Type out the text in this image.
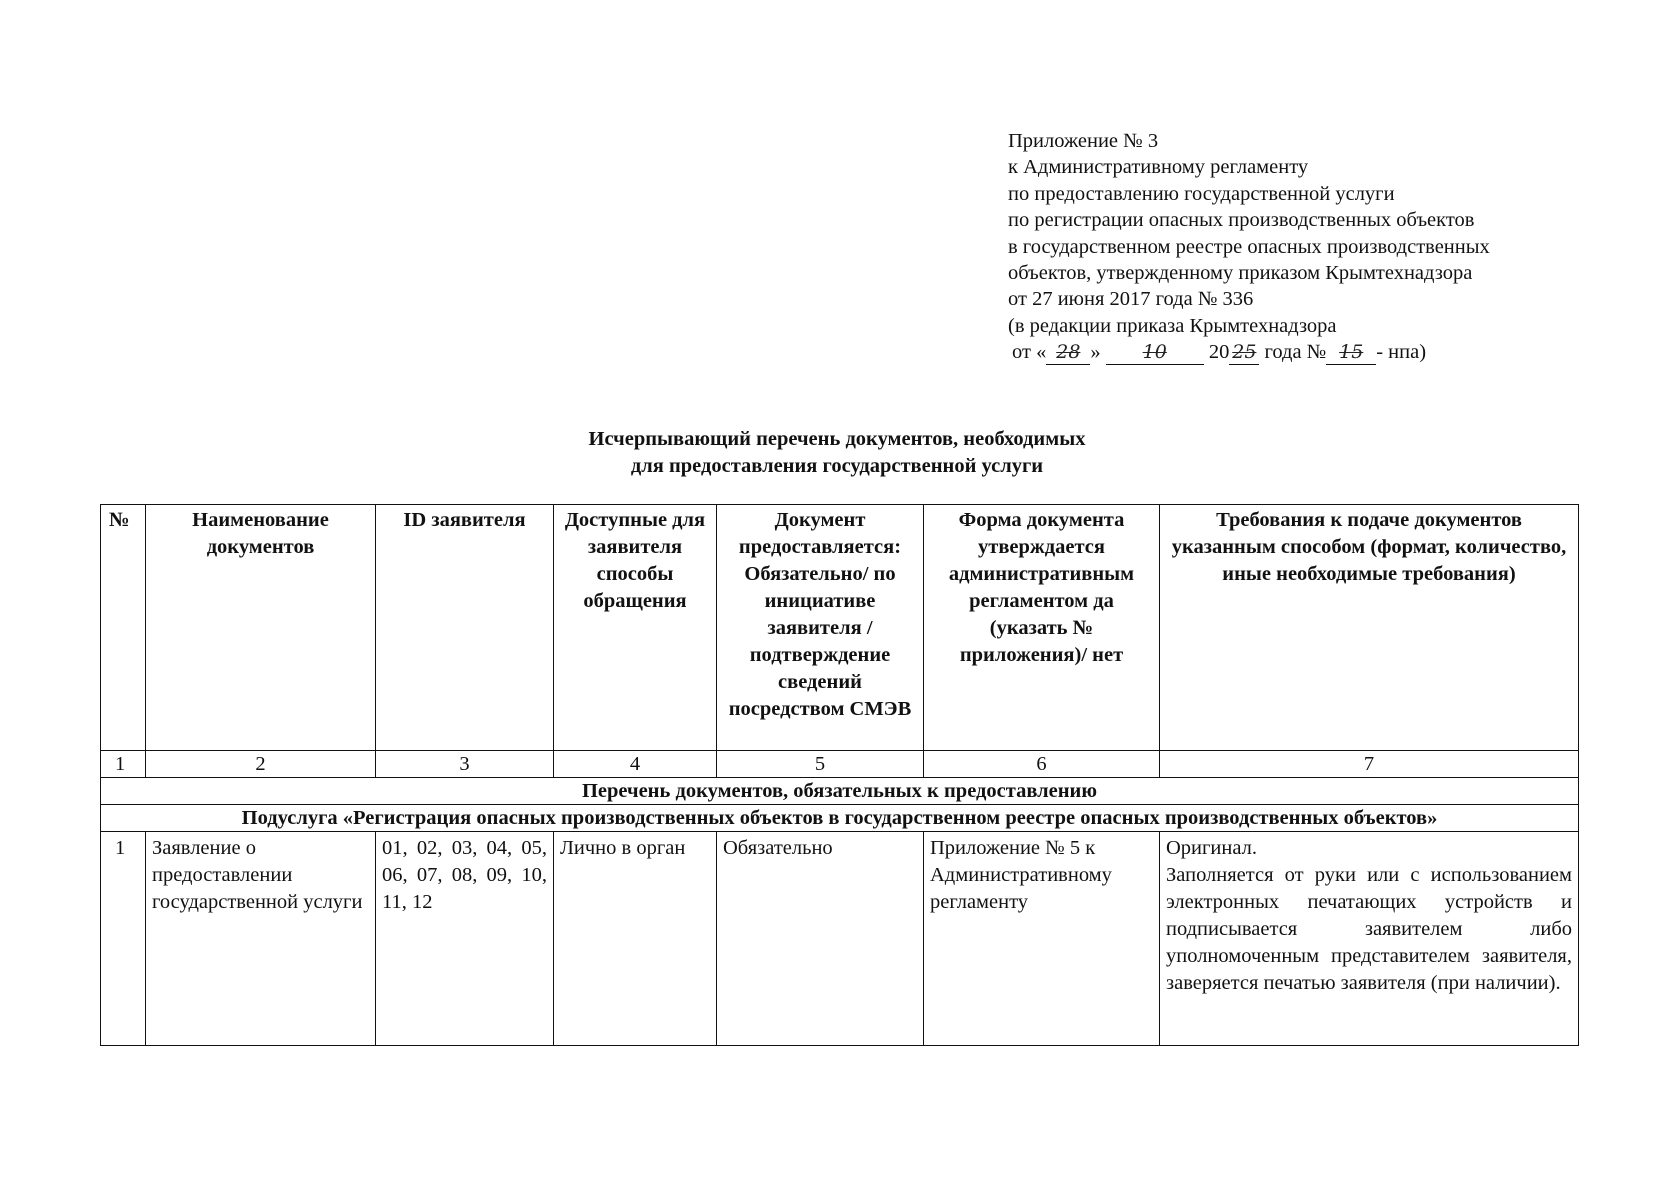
Приложение № 3
к Административному регламенту
по предоставлению государственной услуги
по регистрации опасных производственных объектов
в государственном реестре опасных производственных
объектов, утвержденному приказом Крымтехнадзора
от 27 июня 2017 года № 336
(в редакции приказа Крымтехнадзора
от « 28 » 10 20 25 года № 15 - нпа)
Исчерпывающий перечень документов, необходимых
для предоставления государственной услуги
№	Наименование документов	ID заявителя	Доступные для заявителя способы обращения	Документ предоставляется: Обязательно/ по инициативе заявителя /подтверждение сведений посредством СМЭВ	Форма документа утверждается административным регламентом да (указать № приложения)/ нет	Требования к подаче документов указанным способом (формат, количество, иные необходимые требования)
1	2	3	4	5	6	7
Перечень документов, обязательных к предоставлению						
Подуслуга «Регистрация опасных производственных объектов в государственном реестре опасных производственных объектов»						
1	Заявление о предоставлении государственной услуги	01, 02, 03, 04, 05, 06, 07, 08, 09, 10, 11, 12	Лично в орган	Обязательно	Приложение № 5 к Административному регламенту	Оригинал.
Заполняется от руки или с использованием электронных печатающих устройств и подписывается заявителем либо уполномоченным представителем заявителя, заверяется печатью заявителя (при наличии).
